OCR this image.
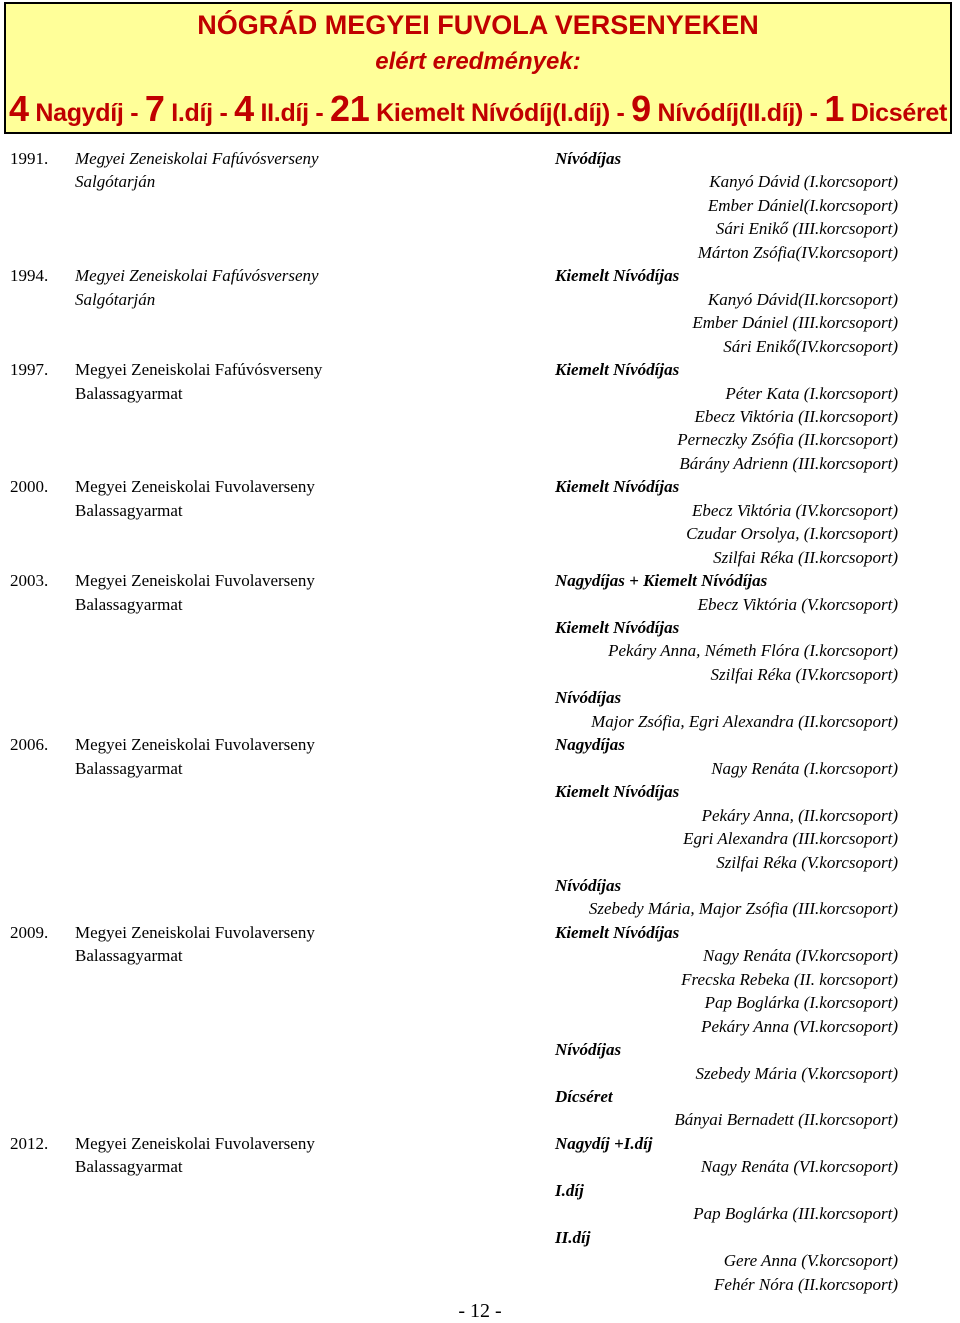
NÓGRÁD MEGYEI FUVOLA VERSENYEKEN
elért eredmények:
4 Nagydíj - 7 I.díj - 4 II.díj - 21 Kiemelt Nívódíj(I.díj) - 9 Nívódíj(II.díj) - 1 Dicséret
1991.	Megyei Zeneiskolai Fafúvósverseny
Salgótarján
Nívódíjas
Kanyó Dávid (I.korcsoport)
Ember Dániel(I.korcsoport)
Sári Enikő (III.korcsoport)
Márton Zsófia(IV.korcsoport)
1994.	Megyei Zeneiskolai Fafúvósverseny
Salgótarján
Kiemelt Nívódíjas
Kanyó Dávid(II.korcsoport)
Ember Dániel (III.korcsoport)
Sári Enikő(IV.korcsoport)
1997.	Megyei Zeneiskolai Fafúvósverseny
Balassagyarmat
Kiemelt Nívódíjas
Péter Kata (I.korcsoport)
Ebecz Viktória (II.korcsoport)
Perneczky Zsófia (II.korcsoport)
Bárány Adrienn (III.korcsoport)
2000.	Megyei Zeneiskolai Fuvolaverseny
Balassagyarmat
Kiemelt Nívódíjas
Ebecz Viktória (IV.korcsoport)
Czudar Orsolya, (I.korcsoport)
Szilfai Réka (II.korcsoport)
2003.	Megyei Zeneiskolai Fuvolaverseny
Balassagyarmat
Nagydíjas + Kiemelt Nívódíjas
Ebecz Viktória (V.korcsoport)
Kiemelt Nívódíjas
Pekáry Anna, Németh Flóra (I.korcsoport)
Szilfai Réka (IV.korcsoport)
Nívódíjas
Major Zsófia, Egri Alexandra (II.korcsoport)
2006.	Megyei Zeneiskolai Fuvolaverseny
Balassagyarmat
Nagydíjas
Nagy Renáta (I.korcsoport)
Kiemelt Nívódíjas
Pekáry Anna, (II.korcsoport)
Egri Alexandra (III.korcsoport)
Szilfai Réka (V.korcsoport)
Nívódíjas
Szebedy Mária, Major Zsófia (III.korcsoport)
2009.	Megyei Zeneiskolai Fuvolaverseny
Balassagyarmat
Kiemelt Nívódíjas
Nagy Renáta (IV.korcsoport)
Frecska Rebeka (II. korcsoport)
Pap Boglárka (I.korcsoport)
Pekáry Anna (VI.korcsoport)
Nívódíjas
Szebedy Mária (V.korcsoport)
Dícséret
Bányai Bernadett (II.korcsoport)
2012.	Megyei Zeneiskolai Fuvolaverseny
Balassagyarmat
Nagydíj +I.díj
Nagy Renáta (VI.korcsoport)
I.díj
Pap Boglárka (III.korcsoport)
II.díj
Gere Anna (V.korcsoport)
Fehér Nóra (II.korcsoport)
- 12 -
